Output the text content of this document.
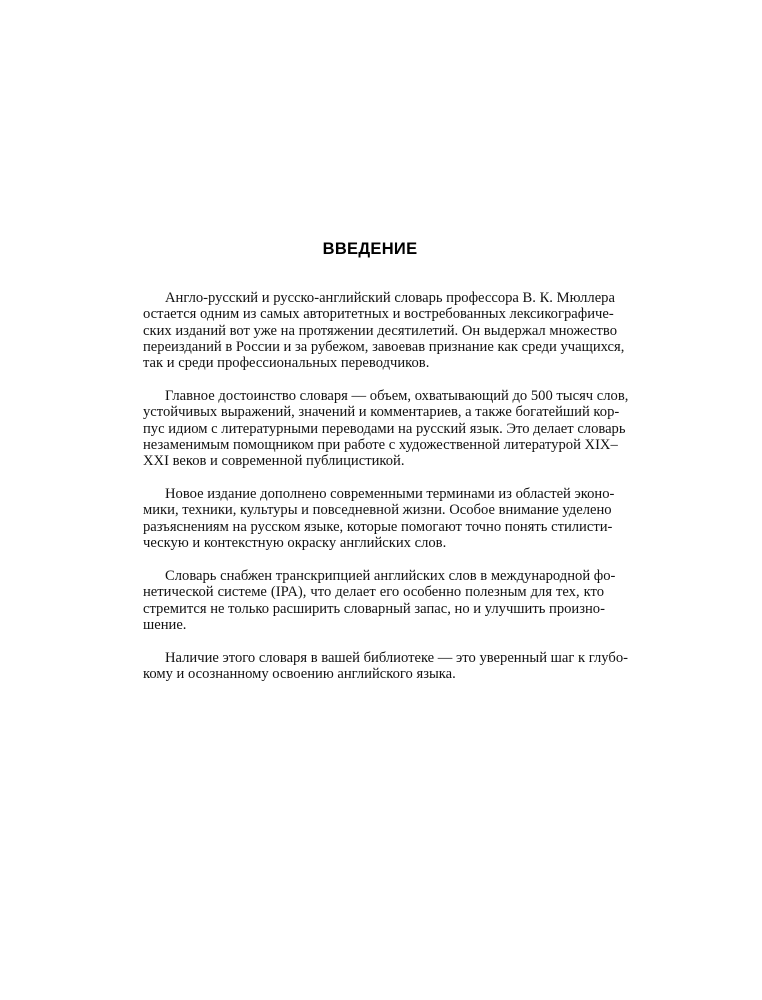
ВВЕДЕНИЕ
Англо-русский и русско-английский словарь профессора В. К. Мюллера
остается одним из самых авторитетных и востребованных лексикографиче-
ских изданий вот уже на протяжении десятилетий. Он выдержал множество
переизданий в России и за рубежом, завоевав признание как среди учащихся,
так и среди профессиональных переводчиков.
Главное достоинство словаря — объем, охватывающий до 500 тысяч слов,
устойчивых выражений, значений и комментариев, а также богатейший кор-
пус идиом с литературными переводами на русский язык. Это делает словарь
незаменимым помощником при работе с художественной литературой XIX–
XXI веков и современной публицистикой.
Новое издание дополнено современными терминами из областей эконо-
мики, техники, культуры и повседневной жизни. Особое внимание уделено
разъяснениям на русском языке, которые помогают точно понять стилисти-
ческую и контекстную окраску английских слов.
Словарь снабжен транскрипцией английских слов в международной фо-
нетической системе (IPA), что делает его особенно полезным для тех, кто
стремится не только расширить словарный запас, но и улучшить произно-
шение.
Наличие этого словаря в вашей библиотеке — это уверенный шаг к глубо-
кому и осознанному освоению английского языка.
